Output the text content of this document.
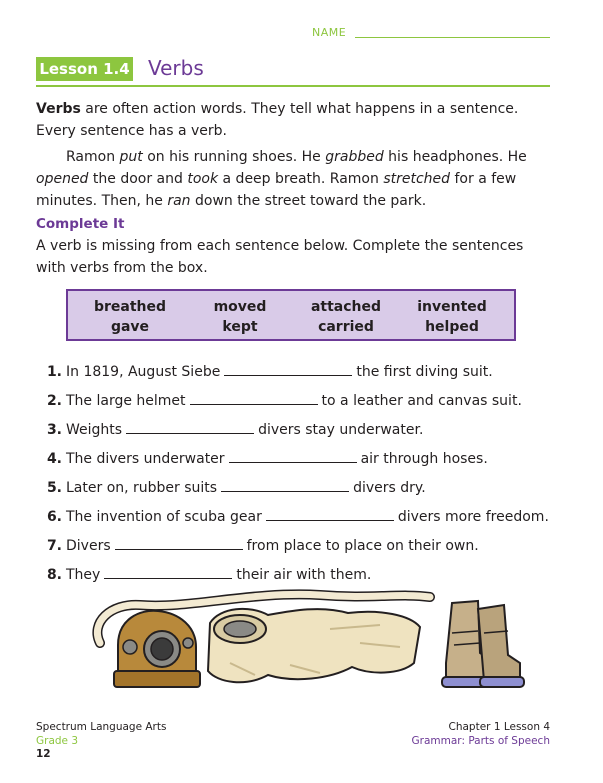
NAME
Lesson 1.4 Verbs
Verbs are often action words. They tell what happens in a sentence. Every sentence has a verb.
Ramon put on his running shoes. He grabbed his headphones. He opened the door and took a deep breath. Ramon stretched for a few minutes. Then, he ran down the street toward the park.
Complete It
A verb is missing from each sentence below. Complete the sentences with verbs from the box.
breathed	moved	attached	invented
gave	kept	carried	helped
1. In 1819, August Siebe	the first diving suit.
2. The large helmet	to a leather and canvas suit.
3. Weights	divers stay underwater.
4. The divers underwater	air through hoses.
5. Later on, rubber suits	divers dry.
6. The invention of scuba gear	divers more freedom.
7. Divers	from place to place on their own.
8. They	their air with them.
Spectrum Language Arts
Grade 3
Chapter 1 Lesson 4
Grammar: Parts of Speech
12
